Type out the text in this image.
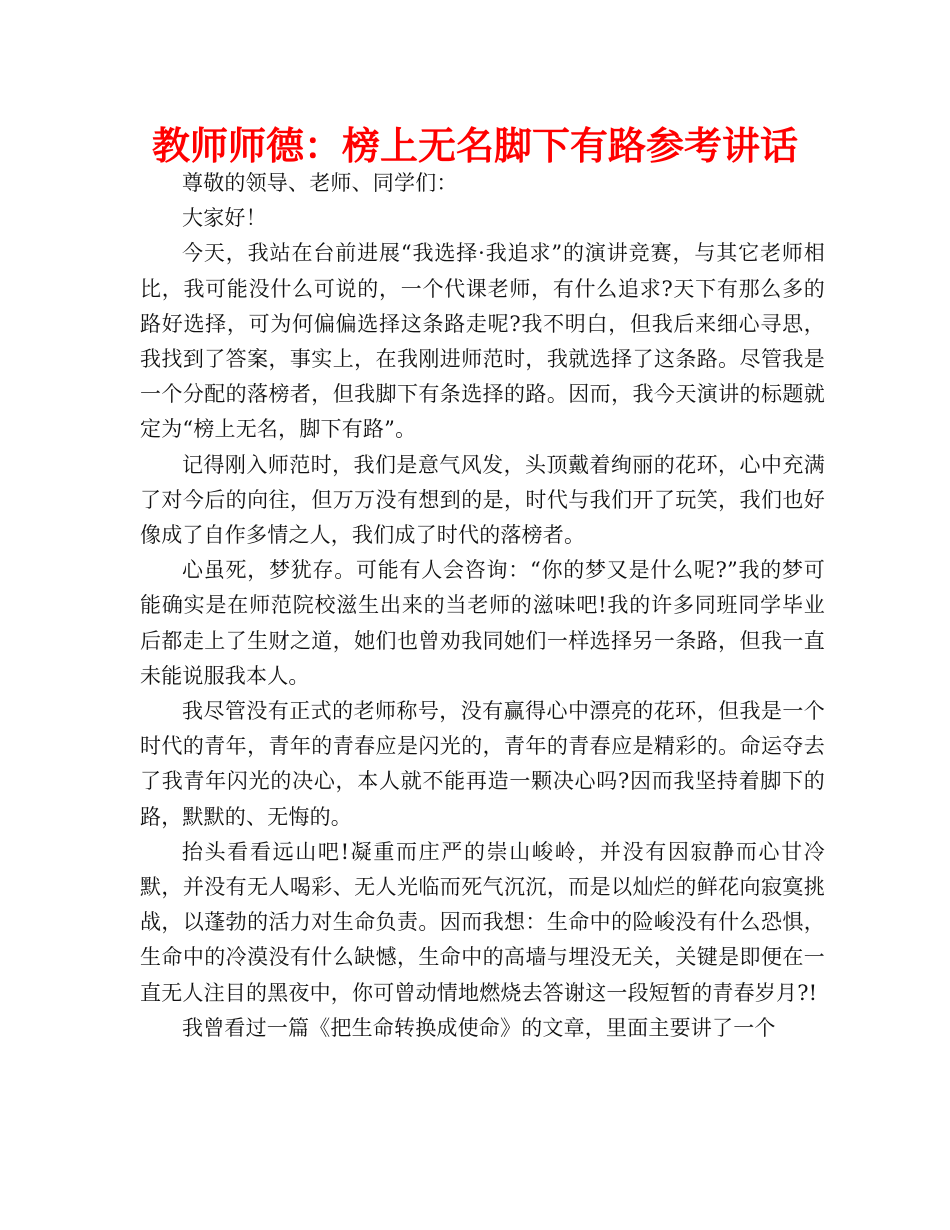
教师师德：榜上无名脚下有路参考讲话

尊敬的领导、老师、同学们：

大家好！

今天，我站在台前进展“我选择·我追求”的演讲竞赛，与其它老师相比，我可能没什么可说的，一个代课老师，有什么追求?天下有那么多的路好选择，可为何偏偏选择这条路走呢?我不明白，但我后来细心寻思，我找到了答案，事实上，在我刚进师范时，我就选择了这条路。尽管我是一个分配的落榜者，但我脚下有条选择的路。因而，我今天演讲的标题就定为“榜上无名，脚下有路”。

记得刚入师范时，我们是意气风发，头顶戴着绚丽的花环，心中充满了对今后的向往，但万万没有想到的是，时代与我们开了玩笑，我们也好像成了自作多情之人，我们成了时代的落榜者。

心虽死，梦犹存。可能有人会咨询：“你的梦又是什么呢?”我的梦可能确实是在师范院校滋生出来的当老师的滋味吧!我的许多同班同学毕业后都走上了生财之道，她们也曾劝我同她们一样选择另一条路，但我一直未能说服我本人。

我尽管没有正式的老师称号，没有赢得心中漂亮的花环，但我是一个时代的青年，青年的青春应是闪光的，青年的青春应是精彩的。命运夺去了我青年闪光的决心，本人就不能再造一颗决心吗?因而我坚持着脚下的路，默默的、无悔的。

抬头看看远山吧!凝重而庄严的崇山峻岭，并没有因寂静而心甘冷默，并没有无人喝彩、无人光临而死气沉沉，而是以灿烂的鲜花向寂寞挑战，以蓬勃的活力对生命负责。因而我想：生命中的险峻没有什么恐惧，生命中的冷漠没有什么缺憾，生命中的高墙与埋没无关，关键是即便在一直无人注目的黑夜中，你可曾动情地燃烧去答谢这一段短暂的青春岁月?!

我曾看过一篇《把生命转换成使命》的文章，里面主要讲了一个
